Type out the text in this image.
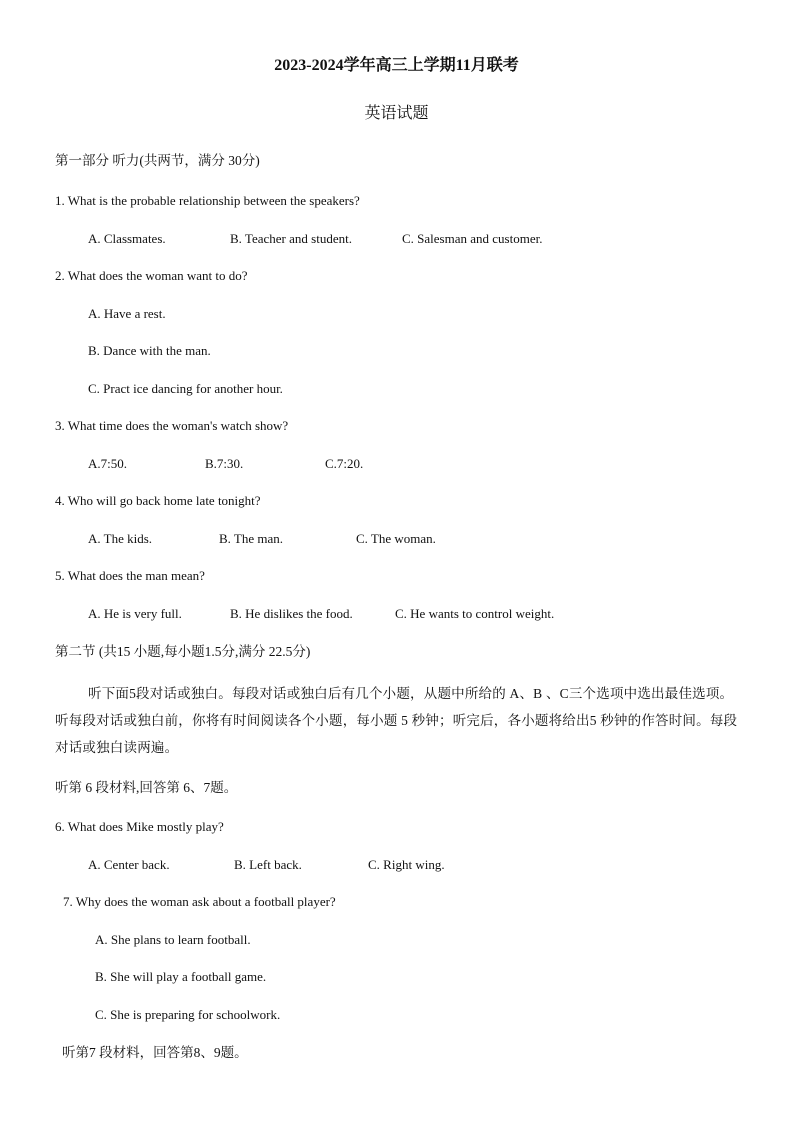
2023-2024学年高三上学期11月联考
英语试题
第一部分 听力(共两节，满分 30分)
1. What is the probable relationship between the speakers?
A. Classmates.	B. Teacher and student.	C. Salesman and customer.
2. What does the woman want to do?
A. Have a rest.
B. Dance with the man.
C. Pract ice dancing for another hour.
3. What time does the woman's watch show?
A.7:50.	B.7:30.	C.7:20.
4. Who will go back home late tonight?
A. The kids.	B. The man.	C. The woman.
5. What does the man mean?
A. He is very full.	B. He dislikes the food.	C. He wants to control weight.
第二节 (共15 小题,每小题1.5分,满分 22.5分)
听下面5段对话或独白。每段对话或独白后有几个小题，从题中所给的 A、B 、C三个选项中选出最佳选项。听每段对话或独白前，你将有时间阅读各个小题，每小题 5 秒钟；听完后，各小题将给出5 秒钟的作答时间。每段对话或独白读两遍。
听第 6 段材料,回答第 6、7题。
6. What does Mike mostly play?
A. Center back.	B. Left back.	C. Right wing.
7. Why does the woman ask about a football player?
A. She plans to learn football.
B. She will play a football game.
C. She is preparing for schoolwork.
听第7 段材料，回答第8、9题。
